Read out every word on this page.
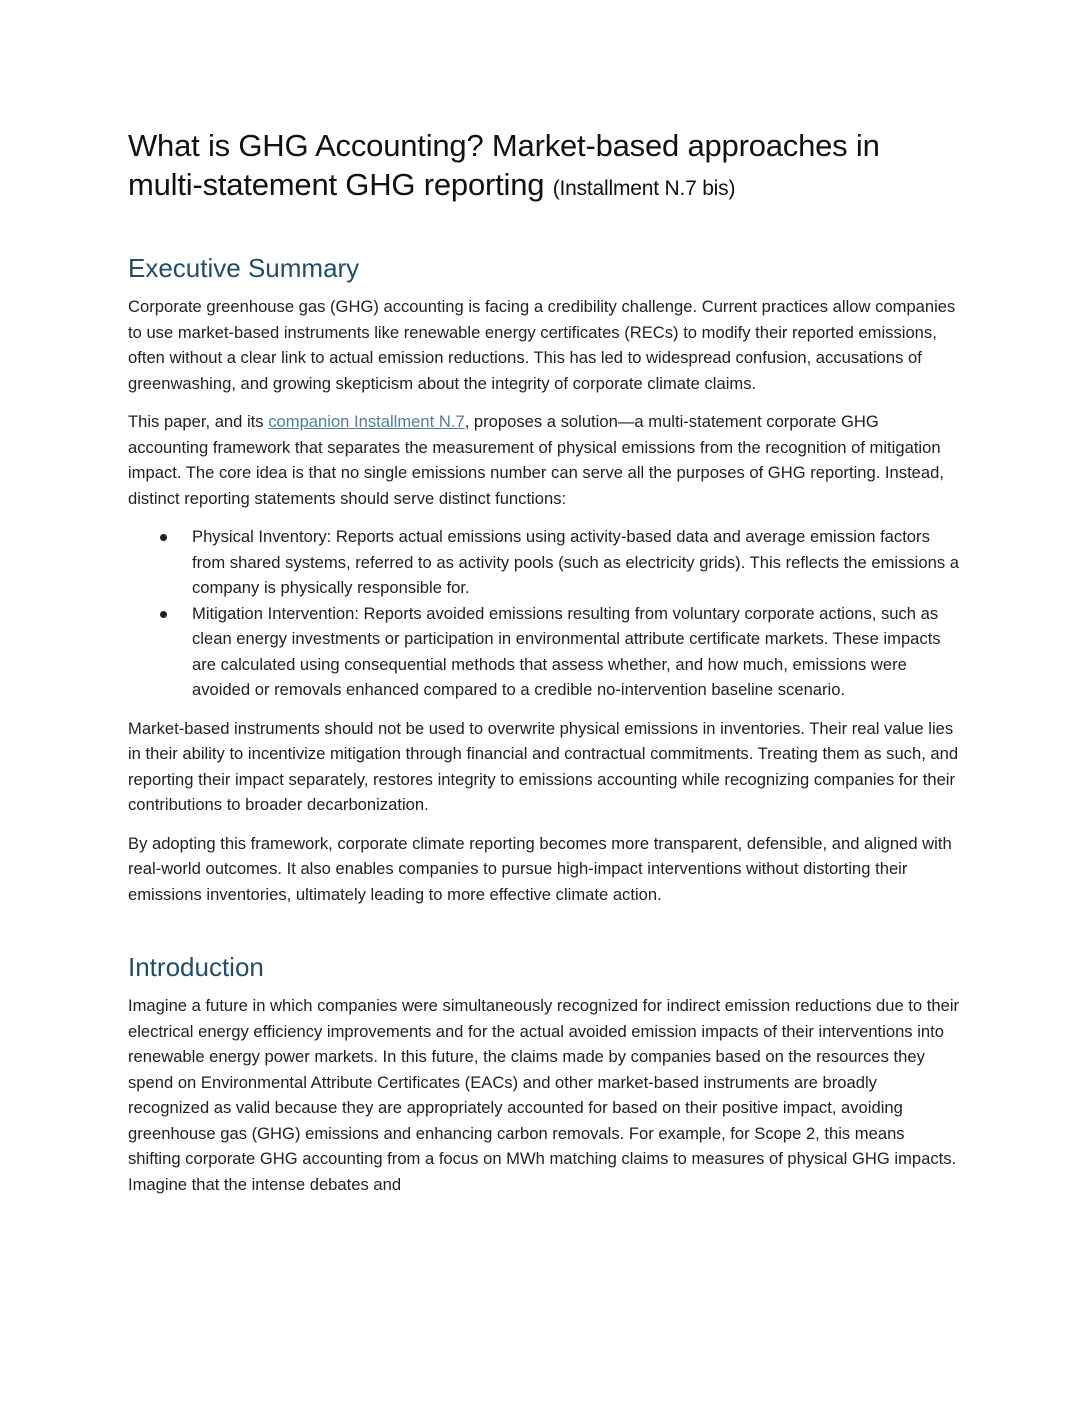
What is GHG Accounting? Market-based approaches in multi-statement GHG reporting (Installment N.7 bis)
Executive Summary

Corporate greenhouse gas (GHG) accounting is facing a credibility challenge. Current practices allow companies to use market-based instruments like renewable energy certificates (RECs) to modify their reported emissions, often without a clear link to actual emission reductions. This has led to widespread confusion, accusations of greenwashing, and growing skepticism about the integrity of corporate climate claims.

This paper, and its companion Installment N.7, proposes a solution—a multi-statement corporate GHG accounting framework that separates the measurement of physical emissions from the recognition of mitigation impact. The core idea is that no single emissions number can serve all the purposes of GHG reporting. Instead, distinct reporting statements should serve distinct functions:

Physical Inventory: Reports actual emissions using activity-based data and average emission factors from shared systems, referred to as activity pools (such as electricity grids). This reflects the emissions a company is physically responsible for.
Mitigation Intervention: Reports avoided emissions resulting from voluntary corporate actions, such as clean energy investments or participation in environmental attribute certificate markets. These impacts are calculated using consequential methods that assess whether, and how much, emissions were avoided or removals enhanced compared to a credible no-intervention baseline scenario.

Market-based instruments should not be used to overwrite physical emissions in inventories. Their real value lies in their ability to incentivize mitigation through financial and contractual commitments. Treating them as such, and reporting their impact separately, restores integrity to emissions accounting while recognizing companies for their contributions to broader decarbonization.

By adopting this framework, corporate climate reporting becomes more transparent, defensible, and aligned with real-world outcomes. It also enables companies to pursue high-impact interventions without distorting their emissions inventories, ultimately leading to more effective climate action.

Introduction

Imagine a future in which companies were simultaneously recognized for indirect emission reductions due to their electrical energy efficiency improvements and for the actual avoided emission impacts of their interventions into renewable energy power markets. In this future, the claims made by companies based on the resources they spend on Environmental Attribute Certificates (EACs) and other market-based instruments are broadly recognized as valid because they are appropriately accounted for based on their positive impact, avoiding greenhouse gas (GHG) emissions and enhancing carbon removals. For example, for Scope 2, this means shifting corporate GHG accounting from a focus on MWh matching claims to measures of physical GHG impacts. Imagine that the intense debates and
